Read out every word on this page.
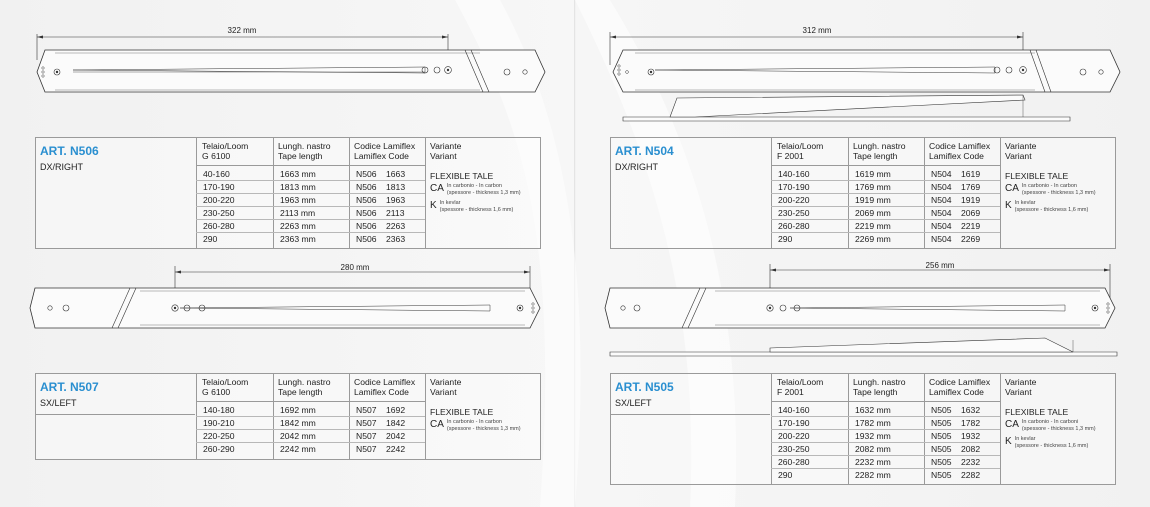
322 mm
ART. N506
DX/RIGHT
Telaio/Loom
G 6100
Lungh. nastro
Tape length
Codice Lamiflex
Lamiflex Code
Variante
Variant
40-160	1663 mm	N506 1663
170-190	1813 mm	N506 1813
200-220	1963 mm	N506 1963
230-250	2113 mm	N506 2113
260-280	2263 mm	N506 2263
290	2363 mm	N506 2363
FLEXIBLE TALE
CA In carbonio - In carbon
(spessore - thickness 1,3 mm)
K In kevlar
(spessore - thickness 1,6 mm)
280 mm
ART. N507
SX/LEFT
Telaio/Loom
G 6100
Lungh. nastro
Tape length
Codice Lamiflex
Lamiflex Code
Variante
Variant
140-180	1692 mm	N507 1692
190-210	1842 mm	N507 1842
220-250	2042 mm	N507 2042
260-290	2242 mm	N507 2242
FLEXIBLE TALE
CA In carbonio - In carbon
(spessore - thickness 1,3 mm)
312 mm
ART. N504
DX/RIGHT
Telaio/Loom
F 2001
Lungh. nastro
Tape length
Codice Lamiflex
Lamiflex Code
Variante
Variant
140-160	1619 mm	N504 1619
170-190	1769 mm	N504 1769
200-220	1919 mm	N504 1919
230-250	2069 mm	N504 2069
260-280	2219 mm	N504 2219
290	2269 mm	N504 2269
FLEXIBLE TALE
CA In carbonio - In carbon
(spessore - thickness 1,3 mm)
K In kevlar
(spessore - thickness 1,6 mm)
256 mm
ART. N505
SX/LEFT
Telaio/Loom
F 2001
Lungh. nastro
Tape length
Codice Lamiflex
Lamiflex Code
Variante
Variant
140-160	1632 mm	N505 1632
170-190	1782 mm	N505 1782
200-220	1932 mm	N505 1932
230-250	2082 mm	N505 2082
260-280	2232 mm	N505 2232
290	2282 mm	N505 2282
FLEXIBLE TALE
CA In carbonio - In carboni
(spessore - thickness 1,3 mm)
K In kevlar
(spessore - thickness 1,6 mm)
